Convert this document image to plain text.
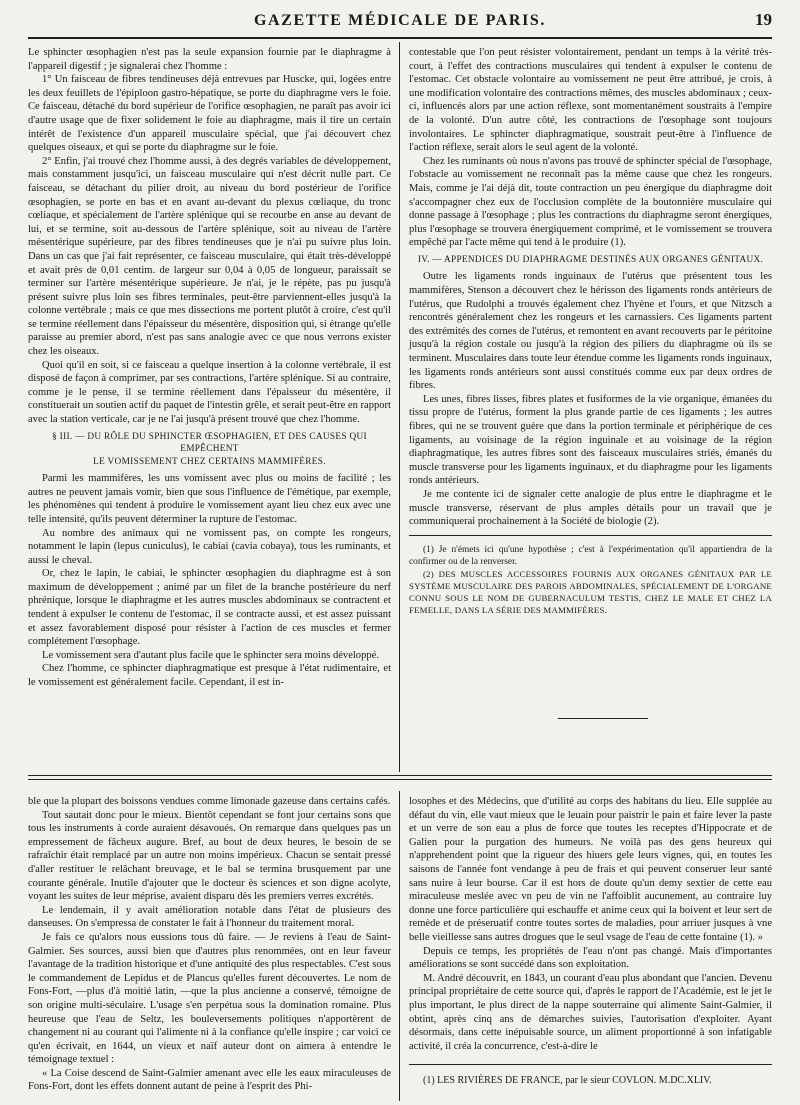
GAZETTE MÉDICALE DE PARIS.	19

Le sphincter œsophagien n'est pas la seule expansion fournie par le diaphragme à l'appareil digestif ; je signalerai chez l'homme :

1° Un faisceau de fibres tendineuses déjà entrevues par Huscke, qui, logées entre les deux feuillets de l'épiploon gastro-hépatique, se porte du diaphragme vers le foie. Ce faisceau, détaché du bord supérieur de l'orifice œsophagien, ne paraît pas avoir ici d'autre usage que de fixer solidement le foie au diaphragme, mais il tire un certain intérêt de l'existence d'un appareil musculaire spécial, que j'ai découvert chez quelques oiseaux, et qui se porte du diaphragme sur le foie.

2° Enfin, j'ai trouvé chez l'homme aussi, à des degrés variables de développement, mais constamment jusqu'ici, un faisceau musculaire qui n'est décrit nulle part. Ce faisceau, se détachant du pilier droit, au niveau du bord postérieur de l'orifice œsophagien, se porte en bas et en avant au-devant du plexus cœliaque, du tronc cœliaque, et spécialement de l'artère splénique qui se recourbe en anse au devant de lui, et se termine, soit au-dessous de l'artère splénique, soit au niveau de l'artère mésentérique supérieure, par des fibres tendineuses que je n'ai pu suivre plus loin. Dans un cas que j'ai fait représenter, ce faisceau musculaire, qui était très-développé et avait près de 0,01 centim. de largeur sur 0,04 à 0,05 de longueur, paraissait se terminer sur l'artère mésentérique supérieure. Je n'ai, je le répète, pas pu jusqu'à présent suivre plus loin ses fibres terminales, peut-être parviennent-elles jusqu'à la colonne vertébrale ; mais ce que mes dissections me portent plutôt à croire, c'est qu'il se termine réellement dans l'épaisseur du mésentère, disposition qui, si étrange qu'elle paraisse au premier abord, n'est pas sans analogie avec ce que nous verrons exister chez les oiseaux.

Quoi qu'il en soit, si ce faisceau a quelque insertion à la colonne vertébrale, il est disposé de façon à comprimer, par ses contractions, l'artère splénique. Si au contraire, comme je le pense, il se termine réellement dans l'épaisseur du mésentère, il constituerait un soutien actif du paquet de l'intestin grêle, et serait peut-être en rapport avec la station verticale, car je ne l'ai jusqu'à présent trouvé que chez l'homme.

§ III. — DU RÔLE DU SPHINCTER ŒSOPHAGIEN, ET DES CAUSES QUI EMPÊCHENT
LE VOMISSEMENT CHEZ CERTAINS MAMMIFÈRES.

Parmi les mammifères, les uns vomissent avec plus ou moins de facilité ; les autres ne peuvent jamais vomir, bien que sous l'influence de l'émétique, par exemple, les phénomènes qui tendent à produire le vomissement ayant lieu chez eux avec une telle intensité, qu'ils peuvent déterminer la rupture de l'estomac.

Au nombre des animaux qui ne vomissent pas, on compte les rongeurs, notamment le lapin (lepus cuniculus), le cabiai (cavia cobaya), tous les ruminants, et aussi le cheval.

Or, chez le lapin, le cabiai, le sphincter œsophagien du diaphragme est à son maximum de développement ; animé par un filet de la branche postérieure du nerf phrénique, lorsque le diaphragme et les autres muscles abdominaux se contractent et tendent à expulser le contenu de l'estomac, il se contracte aussi, et est assez puissant et assez favorablement disposé pour résister à l'action de ces muscles et fermer complétement l'œsophage.

Le vomissement sera d'autant plus facile que le sphincter sera moins développé.

Chez l'homme, ce sphincter diaphragmatique est presque à l'état rudimentaire, et le vomissement est généralement facile. Cependant, il est in-

contestable que l'on peut résister volontairement, pendant un temps à la vérité très-court, à l'effet des contractions musculaires qui tendent à expulser le contenu de l'estomac. Cet obstacle volontaire au vomissement ne peut être attribué, je crois, à une modification volontaire des contractions mêmes, des muscles abdominaux ; ceux-ci, influencés alors par une action réflexe, sont momentanément soustraits à l'empire de la volonté. D'un autre côté, les contractions de l'œsophage sont toujours involontaires. Le sphincter diaphragmatique, soustrait peut-être à l'influence de l'action réflexe, serait alors le seul agent de la volonté.

Chez les ruminants où nous n'avons pas trouvé de sphincter spécial de l'œsophage, l'obstacle au vomissement ne reconnaît pas la même cause que chez les rongeurs. Mais, comme je l'ai déjà dit, toute contraction un peu énergique du diaphragme doit s'accompagner chez eux de l'occlusion complète de la boutonnière musculaire qui donne passage à l'œsophage ; plus les contractions du diaphragme seront énergiques, plus l'œsophage se trouvera énergiquement comprimé, et le vomissement se trouvera empêché par l'acte même qui tend à le produire (1).

IV. — APPENDICES DU DIAPHRAGME DESTINÉS AUX ORGANES GÉNITAUX.

Outre les ligaments ronds inguinaux de l'utérus que présentent tous les mammifères, Stenson a découvert chez le hérisson des ligaments ronds antérieurs de l'utérus, que Rudolphi a trouvés également chez l'hyène et l'ours, et que Nitzsch a rencontrés généralement chez les rongeurs et les carnassiers. Ces ligaments partent des extrémités des cornes de l'utérus, et remontent en avant recouverts par le péritoine jusqu'à la région costale ou jusqu'à la région des piliers du diaphragme où ils se terminent. Musculaires dans toute leur étendue comme les ligaments ronds inguinaux, les ligaments ronds antérieurs sont aussi constitués comme eux par deux ordres de fibres.

Les unes, fibres lisses, fibres plates et fusiformes de la vie organique, émanées du tissu propre de l'utérus, forment la plus grande partie de ces ligaments ; les autres fibres, qui ne se trouvent guère que dans la portion terminale et périphérique de ces ligaments, au voisinage de la région inguinale et au voisinage de la région diaphragmatique, les autres fibres sont des faisceaux musculaires striés, émanés du muscle transverse pour les ligaments inguinaux, et du diaphragme pour les ligaments ronds antérieurs.

Je me contente ici de signaler cette analogie de plus entre le diaphragme et le muscle transverse, réservant de plus amples détails pour un travail que je communiquerai prochainement à la Société de biologie (2).

(1) Je n'émets ici qu'une hypothèse ; c'est à l'expérimentation qu'il appartiendra de la confirmer ou de la renverser.

(2) DES MUSCLES ACCESSOIRES FOURNIS AUX ORGANES GÉNITAUX PAR LE SYSTÈME MUSCULAIRE DES PAROIS ABDOMINALES, SPÉCIALEMENT DE L'ORGANE CONNU SOUS LE NOM DE GUBERNACULUM TESTIS, CHEZ LE MALE ET CHEZ LA FEMELLE, DANS LA SÉRIE DES MAMMIFÈRES.

ble que la plupart des boissons vendues comme limonade gazeuse dans certains cafés.

Tout sautait donc pour le mieux. Bientôt cependant se font jour certains sons que tous les instruments à corde auraient désavoués. On remarque dans quelques pas un empressement de fâcheux augure. Bref, au bout de deux heures, le besoin de se rafraîchir était remplacé par un autre non moins impérieux. Chacun se sentait pressé d'aller restituer le relâchant breuvage, et le bal se termina brusquement par une courante générale. Inutile d'ajouter que le docteur ès sciences et son digne acolyte, voyant les suites de leur méprise, avaient disparu dès les premiers verres excrétés.

Le lendemain, il y avait amélioration notable dans l'état de plusieurs des danseuses. On s'empressa de constater le fait à l'honneur du traitement moral.

Je fais ce qu'alors nous eussions tous dû faire. — Je reviens à l'eau de Saint-Galmier. Ses sources, aussi bien que d'autres plus renommées, ont en leur faveur l'avantage de la tradition historique et d'une antiquité des plus respectables. C'est sous le commandement de Lepidus et de Plancus qu'elles furent découvertes. Le nom de Fons-Fort, —plus d'à moitié latin, —que la plus ancienne a conservé, témoigne de son origine multi-séculaire. L'usage s'en perpétua sous la domination romaine. Plus heureuse que l'eau de Seltz, les bouleversements politiques n'apportèrent de changement ni au courant qui l'alimente ni à la confiance qu'elle inspire ; car voici ce qu'en écrivait, en 1644, un vieux et naïf auteur dont on aimera à entendre le témoignage textuel :

« La Coise descend de Saint-Galmier amenant avec elle les eaux miraculeuses de Fons-Fort, dont les effets donnent autant de peine à l'esprit des Phi-

losophes et des Médecins, que d'utilité au corps des habitans du lieu. Elle supplée au défaut du vin, elle vaut mieux que le leuain pour paistrir le pain et faire lever la paste et un verre de son eau a plus de force que toutes les receptes d'Hippocrate et de Galien pour la purgation des humeurs. Ne voilà pas des gens heureux qui n'apprehendent point que la rigueur des hiuers gele leurs vignes, qui, en toutes les saisons de l'année font vendange à peu de frais et qui peuvent conseruer leur santé sans nuire à leur bourse. Car il est hors de doute qu'un demy sextier de cette eau miraculeuse meslée avec vn peu de vin ne l'affoiblit aucunement, au contraire luy donne une force particulière qui eschauffe et anime ceux qui la boivent et leur sert de remède et de préseruatif contre toutes sortes de maladies, pour arriuer jusques à vne belle vieillesse sans autres drogues que le seul vsage de l'eau de cette fontaine (1). »

Depuis ce temps, les propriétés de l'eau n'ont pas changé. Mais d'importantes améliorations se sont succédé dans son exploitation.

M. André découvrit, en 1843, un courant d'eau plus abondant que l'ancien. Devenu principal propriétaire de cette source qui, d'après le rapport de l'Académie, est le jet le plus important, le plus direct de la nappe souterraine qui alimente Saint-Galmier, il obtint, après cinq ans de démarches suivies, l'autorisation d'exploiter. Ayant désormais, dans cette inépuisable source, un aliment proportionné à son infatigable activité, il créa la concurrence, c'est-à-dire le

(1) LES RIVIÈRES DE FRANCE, par le sieur COVLON. M.DC.XLIV.
